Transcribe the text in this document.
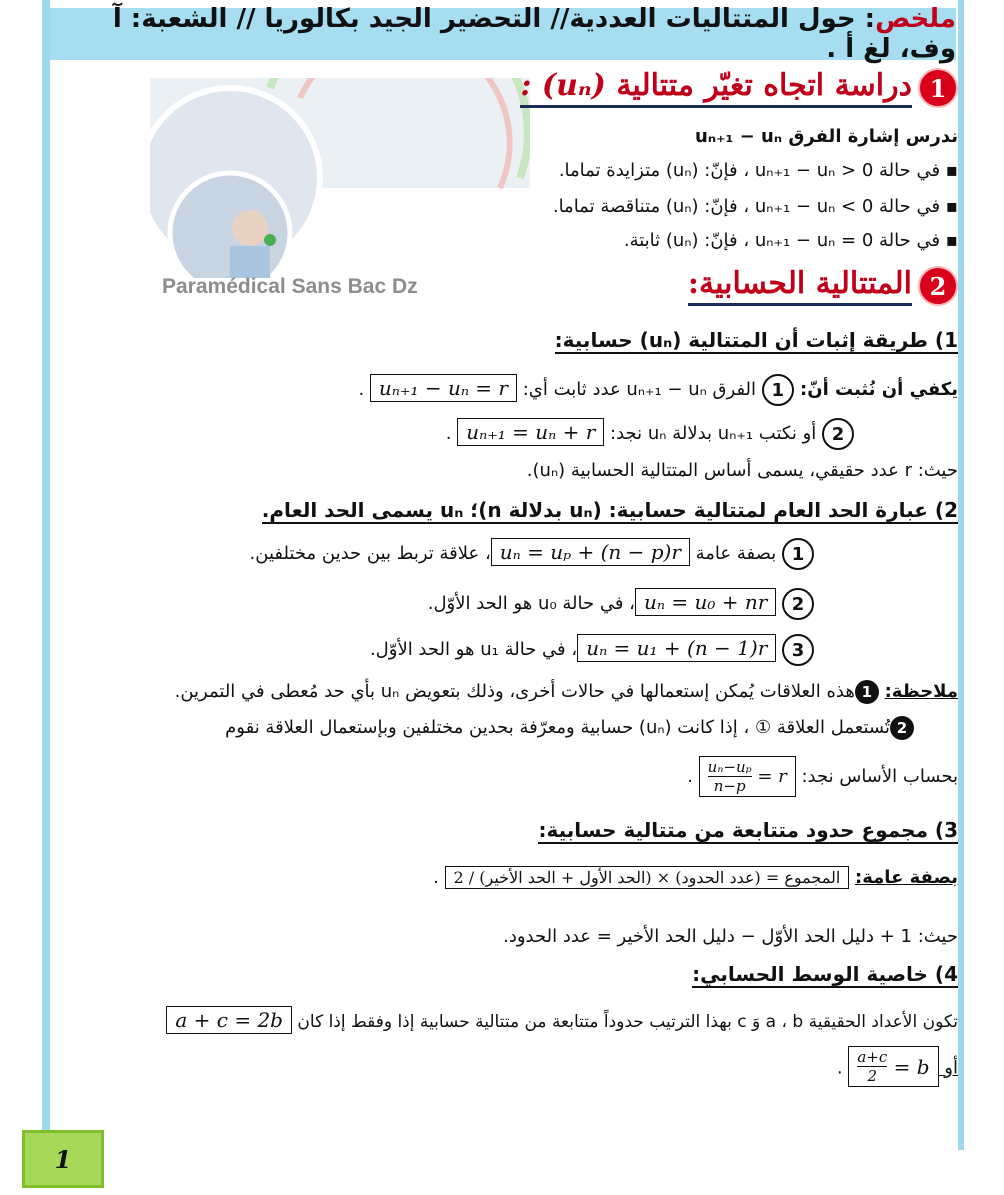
ملخص: حول المتتاليات العددية// التحضير الجيد بكالوريا // الشعبة: آ وف، لغ أ .
Paramédical Sans Bac Dz
1
دراسة اتجاه تغيّر متتالية (uₙ) :
ندرس إشارة الفرق uₙ₊₁ − uₙ
▪ في حالة 0 < uₙ₊₁ − uₙ ، فإنّ: (uₙ) متزايدة تماما.
▪ في حالة 0 > uₙ₊₁ − uₙ ، فإنّ: (uₙ) متناقصة تماما.
▪ في حالة 0 = uₙ₊₁ − uₙ ، فإنّ: (uₙ) ثابتة.
2
المتتالية الحسابية:
1) طريقة إثبات أن المتتالية (uₙ) حسابية:
يكفي أن نُثبت أنّ: 1 الفرق uₙ₊₁ − uₙ عدد ثابت أي: uₙ₊₁ − uₙ = r .
2 أو نكتب uₙ₊₁ بدلالة uₙ نجد: uₙ₊₁ = uₙ + r .
حيث: r عدد حقيقي، يسمى أساس المتتالية الحسابية (uₙ).
2) عبارة الحد العام لمتتالية حسابية: (uₙ بدلالة n)؛ uₙ يسمى الحد العام.
1 بصفة عامة uₙ = uₚ + (n − p)r، علاقة تربط بين حدين مختلفين.
2 uₙ = u₀ + nr، في حالة u₀ هو الحد الأوّل.
3 uₙ = u₁ + (n − 1)r، في حالة u₁ هو الحد الأوّل.
ملاحظة: 1هذه العلاقات يُمكن إستعمالها في حالات أخرى، وذلك بتعويض uₙ بأي حد مُعطى في التمرين.
2تُستعمل العلاقة ① ، إذا كانت (uₙ) حسابية ومعرّفة بحدين مختلفين وبإستعمال العلاقة نقوم
بحساب الأساس نجد: r =
$\frac{\text{uₙ−uₚ}}{n-p}$
.
3) مجموع حدود متتابعة من متتالية حسابية:
بصفة عامة: المجموع = (عدد الحدود) × (الحد الأول + الحد الأخير) / 2 .
حيث: 1 + دليل الحد الأوّل − دليل الحد الأخير = عدد الحدود.
4) خاصية الوسط الحسابي:
تكون الأعداد الحقيقية a ، b وَ c بهذا الترتيب حدوداً متتابعة من متتالية حسابية إذا وفقط إذا كان a + c = 2b
أو b =
$\frac{a+c}{2}$
.
1
